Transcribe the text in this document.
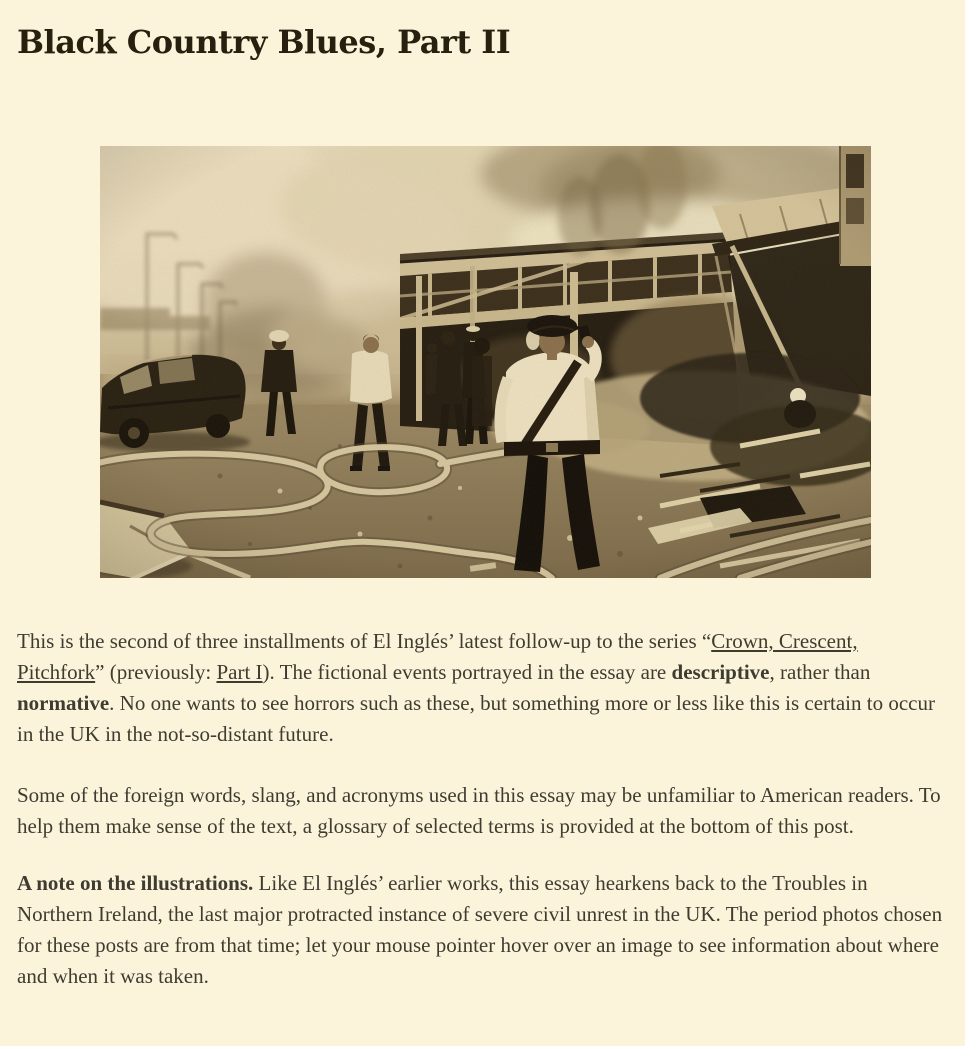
Black Country Blues, Part II

This is the second of three installments of El Inglés’ latest follow-up to the series “Crown, Crescent, Pitchfork” (previously: Part I). The fictional events portrayed in the essay are descriptive, rather than normative. No one wants to see horrors such as these, but something more or less like this is certain to occur in the UK in the not-so-distant future.

Some of the foreign words, slang, and acronyms used in this essay may be unfamiliar to American readers. To help them make sense of the text, a glossary of selected terms is provided at the bottom of this post.

A note on the illustrations. Like El Inglés’ earlier works, this essay hearkens back to the Troubles in Northern Ireland, the last major protracted instance of severe civil unrest in the UK. The period photos chosen for these posts are from that time; let your mouse pointer hover over an image to see information about where and when it was taken.
